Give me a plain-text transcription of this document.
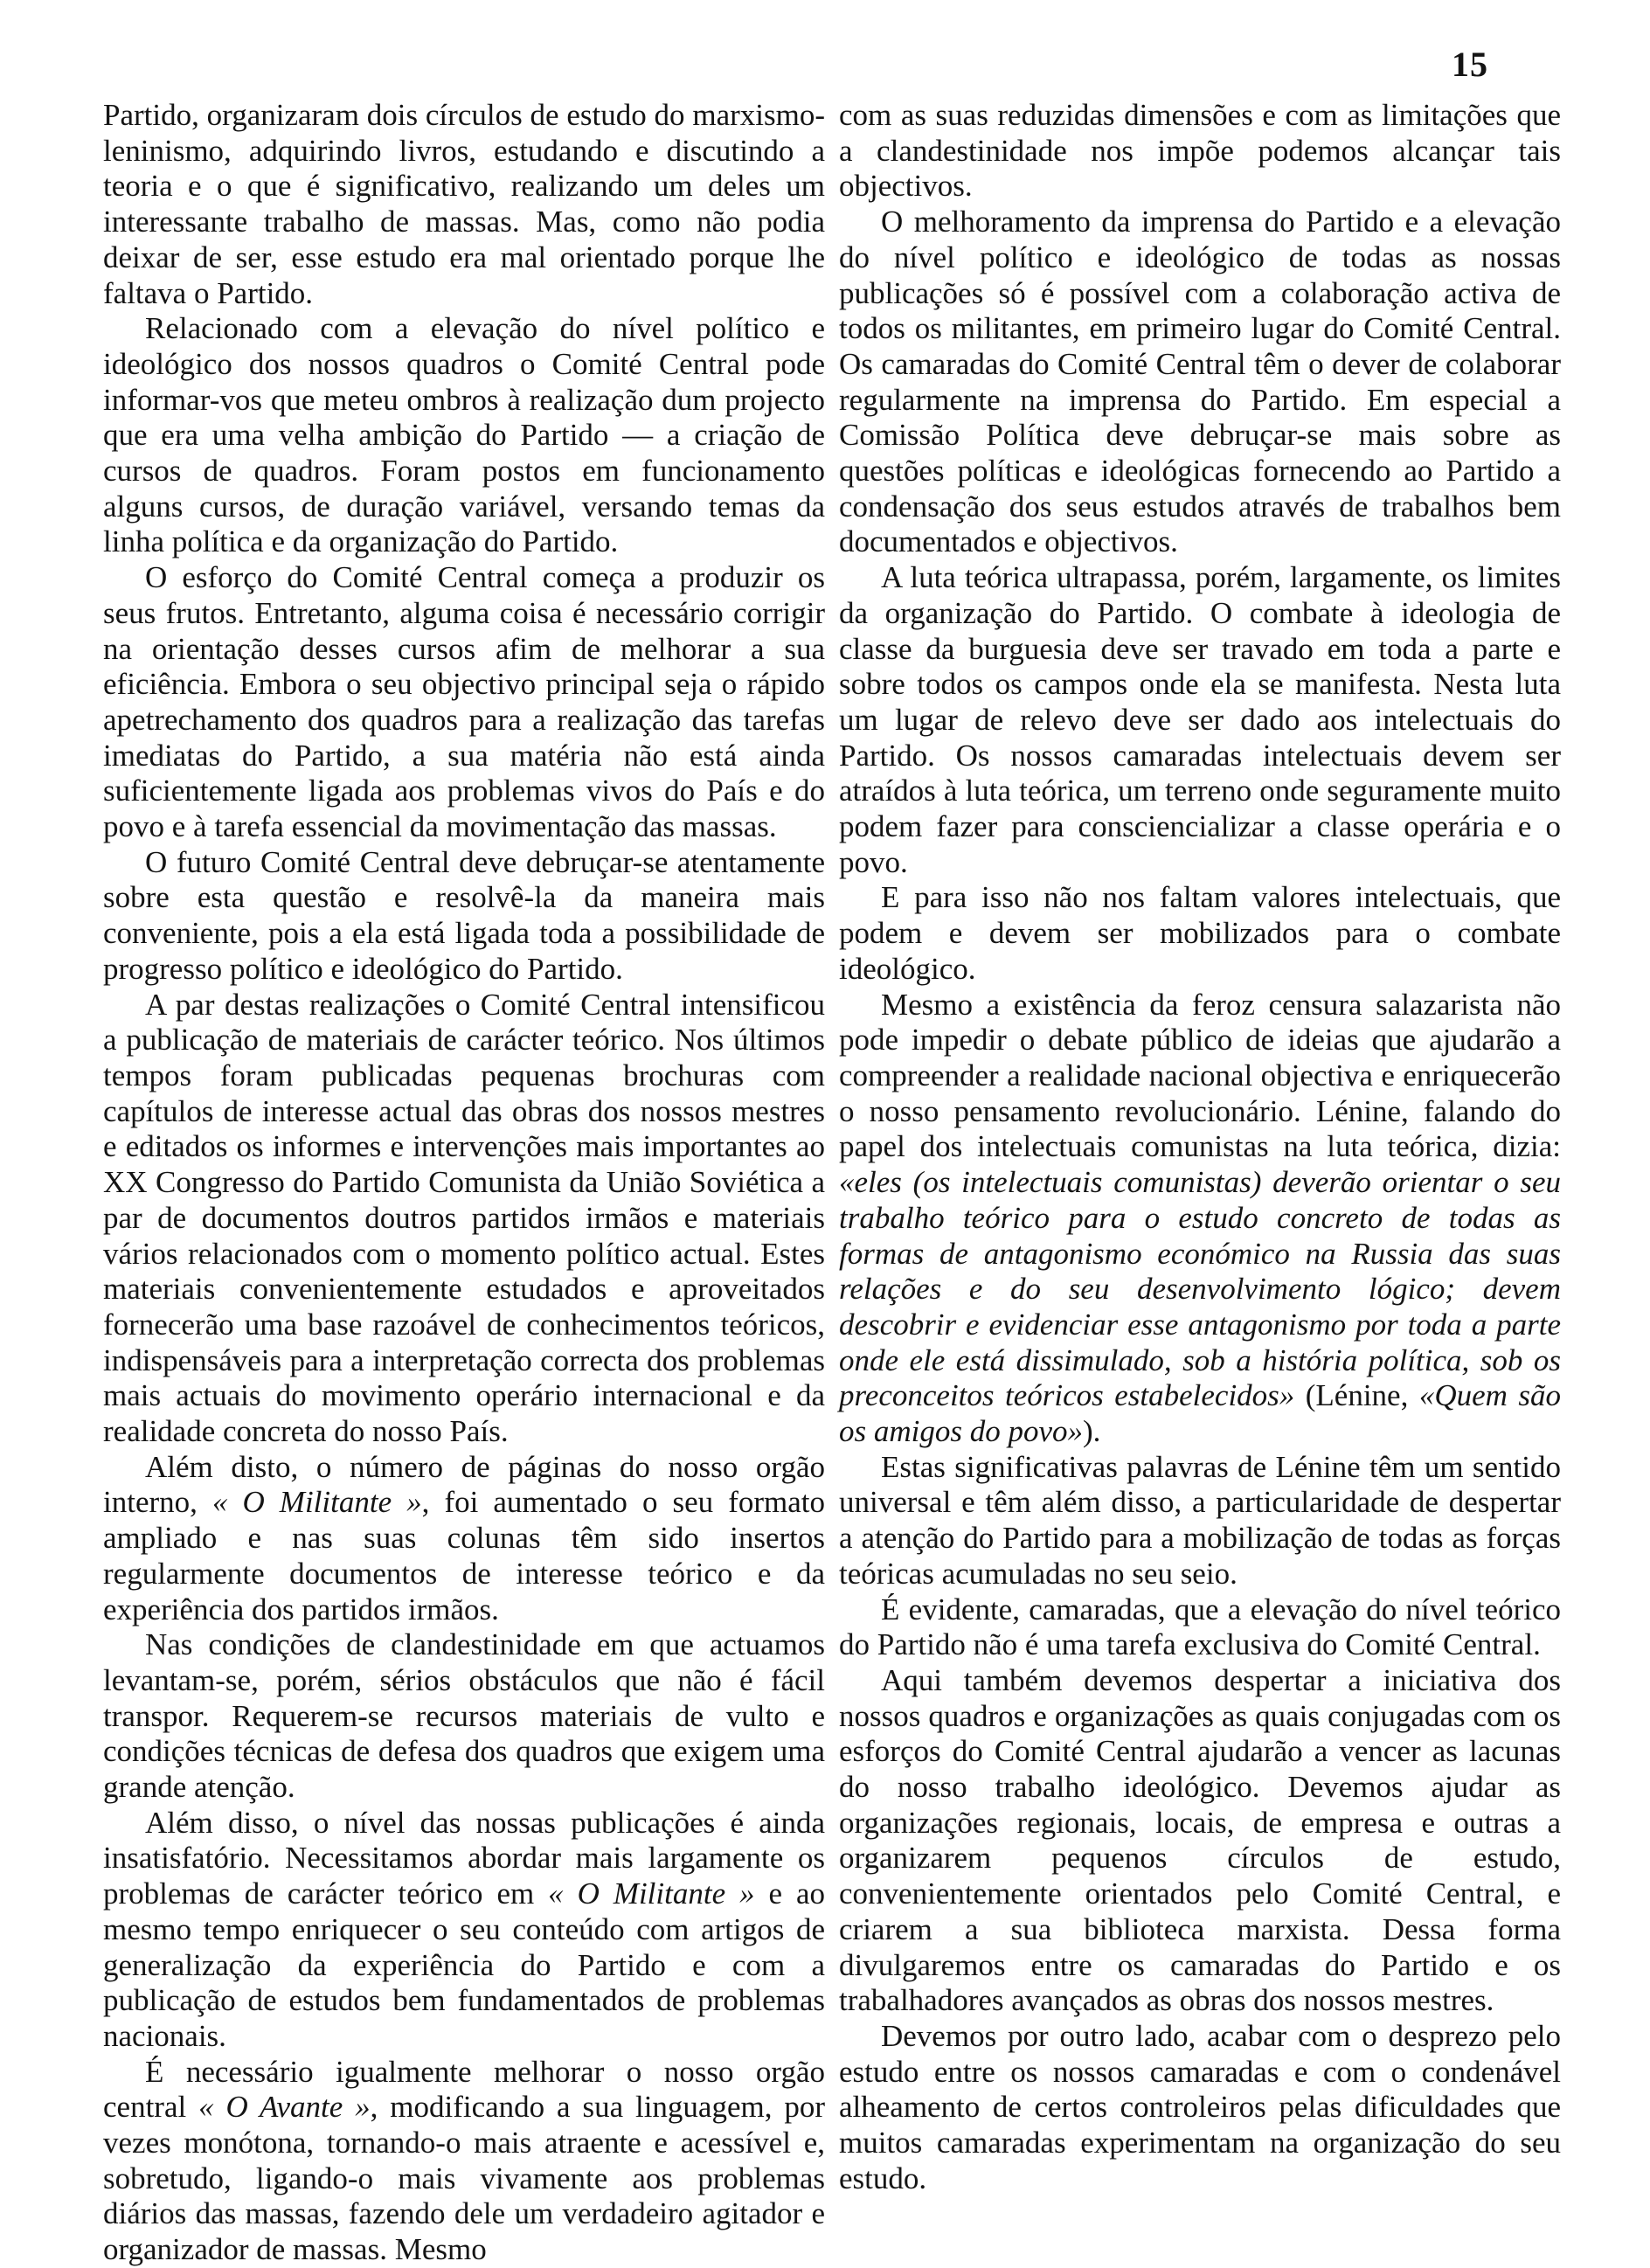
15

Partido, organizaram dois círculos de estudo do marxismo-leninismo, adquirindo livros, estudando e discutindo a teoria e o que é significativo, realizando um deles um interessante trabalho de massas. Mas, como não podia deixar de ser, esse estudo era mal orientado porque lhe faltava o Partido.

Relacionado com a elevação do nível político e ideológico dos nossos quadros o Comité Central pode informar-vos que meteu ombros à realização dum projecto que era uma velha ambição do Partido — a criação de cursos de quadros. Foram postos em funcionamento alguns cursos, de duração variável, versando temas da linha política e da organização do Partido.

O esforço do Comité Central começa a produzir os seus frutos. Entretanto, alguma coisa é necessário corrigir na orientação desses cursos afim de melhorar a sua eficiência. Embora o seu objectivo principal seja o rápido apetrechamento dos quadros para a realização das tarefas imediatas do Partido, a sua matéria não está ainda suficientemente ligada aos problemas vivos do País e do povo e à tarefa essencial da movimentação das massas.

O futuro Comité Central deve debruçar-se atentamente sobre esta questão e resolvê-la da maneira mais conveniente, pois a ela está ligada toda a possibilidade de progresso político e ideológico do Partido.

A par destas realizações o Comité Central intensificou a publicação de materiais de carácter teórico. Nos últimos tempos foram publicadas pequenas brochuras com capítulos de interesse actual das obras dos nossos mestres e editados os informes e intervenções mais importantes ao XX Congresso do Partido Comunista da União Soviética a par de documentos doutros partidos irmãos e materiais vários relacionados com o momento político actual. Estes materiais convenientemente estudados e aproveitados fornecerão uma base razoável de conhecimentos teóricos, indispensáveis para a interpretação correcta dos problemas mais actuais do movimento operário internacional e da realidade concreta do nosso País.

Além disto, o número de páginas do nosso orgão interno, « O Militante », foi aumentado o seu formato ampliado e nas suas colunas têm sido insertos regularmente documentos de interesse teórico e da experiência dos partidos irmãos.

Nas condições de clandestinidade em que actuamos levantam-se, porém, sérios obstáculos que não é fácil transpor. Requerem-se recursos materiais de vulto e condições técnicas de defesa dos quadros que exigem uma grande atenção.

Além disso, o nível das nossas publicações é ainda insatisfatório. Necessitamos abordar mais largamente os problemas de carácter teórico em « O Militante » e ao mesmo tempo enriquecer o seu conteúdo com artigos de generalização da experiência do Partido e com a publicação de estudos bem fundamentados de problemas nacionais.

É necessário igualmente melhorar o nosso orgão central « O Avante », modificando a sua linguagem, por vezes monótona, tornando-o mais atraente e acessível e, sobretudo, ligando-o mais vivamente aos problemas diários das massas, fazendo dele um verdadeiro agitador e organizador de massas. Mesmo

com as suas reduzidas dimensões e com as limitações que a clandestinidade nos impõe podemos alcançar tais objectivos.

O melhoramento da imprensa do Partido e a elevação do nível político e ideológico de todas as nossas publicações só é possível com a colaboração activa de todos os militantes, em primeiro lugar do Comité Central. Os camaradas do Comité Central têm o dever de colaborar regularmente na imprensa do Partido. Em especial a Comissão Política deve debruçar-se mais sobre as questões políticas e ideológicas fornecendo ao Partido a condensação dos seus estudos através de trabalhos bem documentados e objectivos.

A luta teórica ultrapassa, porém, largamente, os limites da organização do Partido. O combate à ideologia de classe da burguesia deve ser travado em toda a parte e sobre todos os campos onde ela se manifesta. Nesta luta um lugar de relevo deve ser dado aos intelectuais do Partido. Os nossos camaradas intelectuais devem ser atraídos à luta teórica, um terreno onde seguramente muito podem fazer para consciencializar a classe operária e o povo.

E para isso não nos faltam valores intelectuais, que podem e devem ser mobilizados para o combate ideológico.

Mesmo a existência da feroz censura salazarista não pode impedir o debate público de ideias que ajudarão a compreender a realidade nacional objectiva e enriquecerão o nosso pensamento revolucionário. Lénine, falando do papel dos intelectuais comunistas na luta teórica, dizia: «eles (os intelectuais comunistas) deverão orientar o seu trabalho teórico para o estudo concreto de todas as formas de antagonismo económico na Russia das suas relações e do seu desenvolvimento lógico; devem descobrir e evidenciar esse antagonismo por toda a parte onde ele está dissimulado, sob a história política, sob os preconceitos teóricos estabelecidos» (Lénine, «Quem são os amigos do povo»).

Estas significativas palavras de Lénine têm um sentido universal e têm além disso, a particularidade de despertar a atenção do Partido para a mobilização de todas as forças teóricas acumuladas no seu seio.

É evidente, camaradas, que a elevação do nível teórico do Partido não é uma tarefa exclusiva do Comité Central.

Aqui também devemos despertar a iniciativa dos nossos quadros e organizações as quais conjugadas com os esforços do Comité Central ajudarão a vencer as lacunas do nosso trabalho ideológico. Devemos ajudar as organizações regionais, locais, de empresa e outras a organizarem pequenos círculos de estudo, convenientemente orientados pelo Comité Central, e criarem a sua biblioteca marxista. Dessa forma divulgaremos entre os camaradas do Partido e os trabalhadores avançados as obras dos nossos mestres.

Devemos por outro lado, acabar com o desprezo pelo estudo entre os nossos camaradas e com o condenável alheamento de certos controleiros pelas dificuldades que muitos camaradas experimentam na organização do seu estudo.
